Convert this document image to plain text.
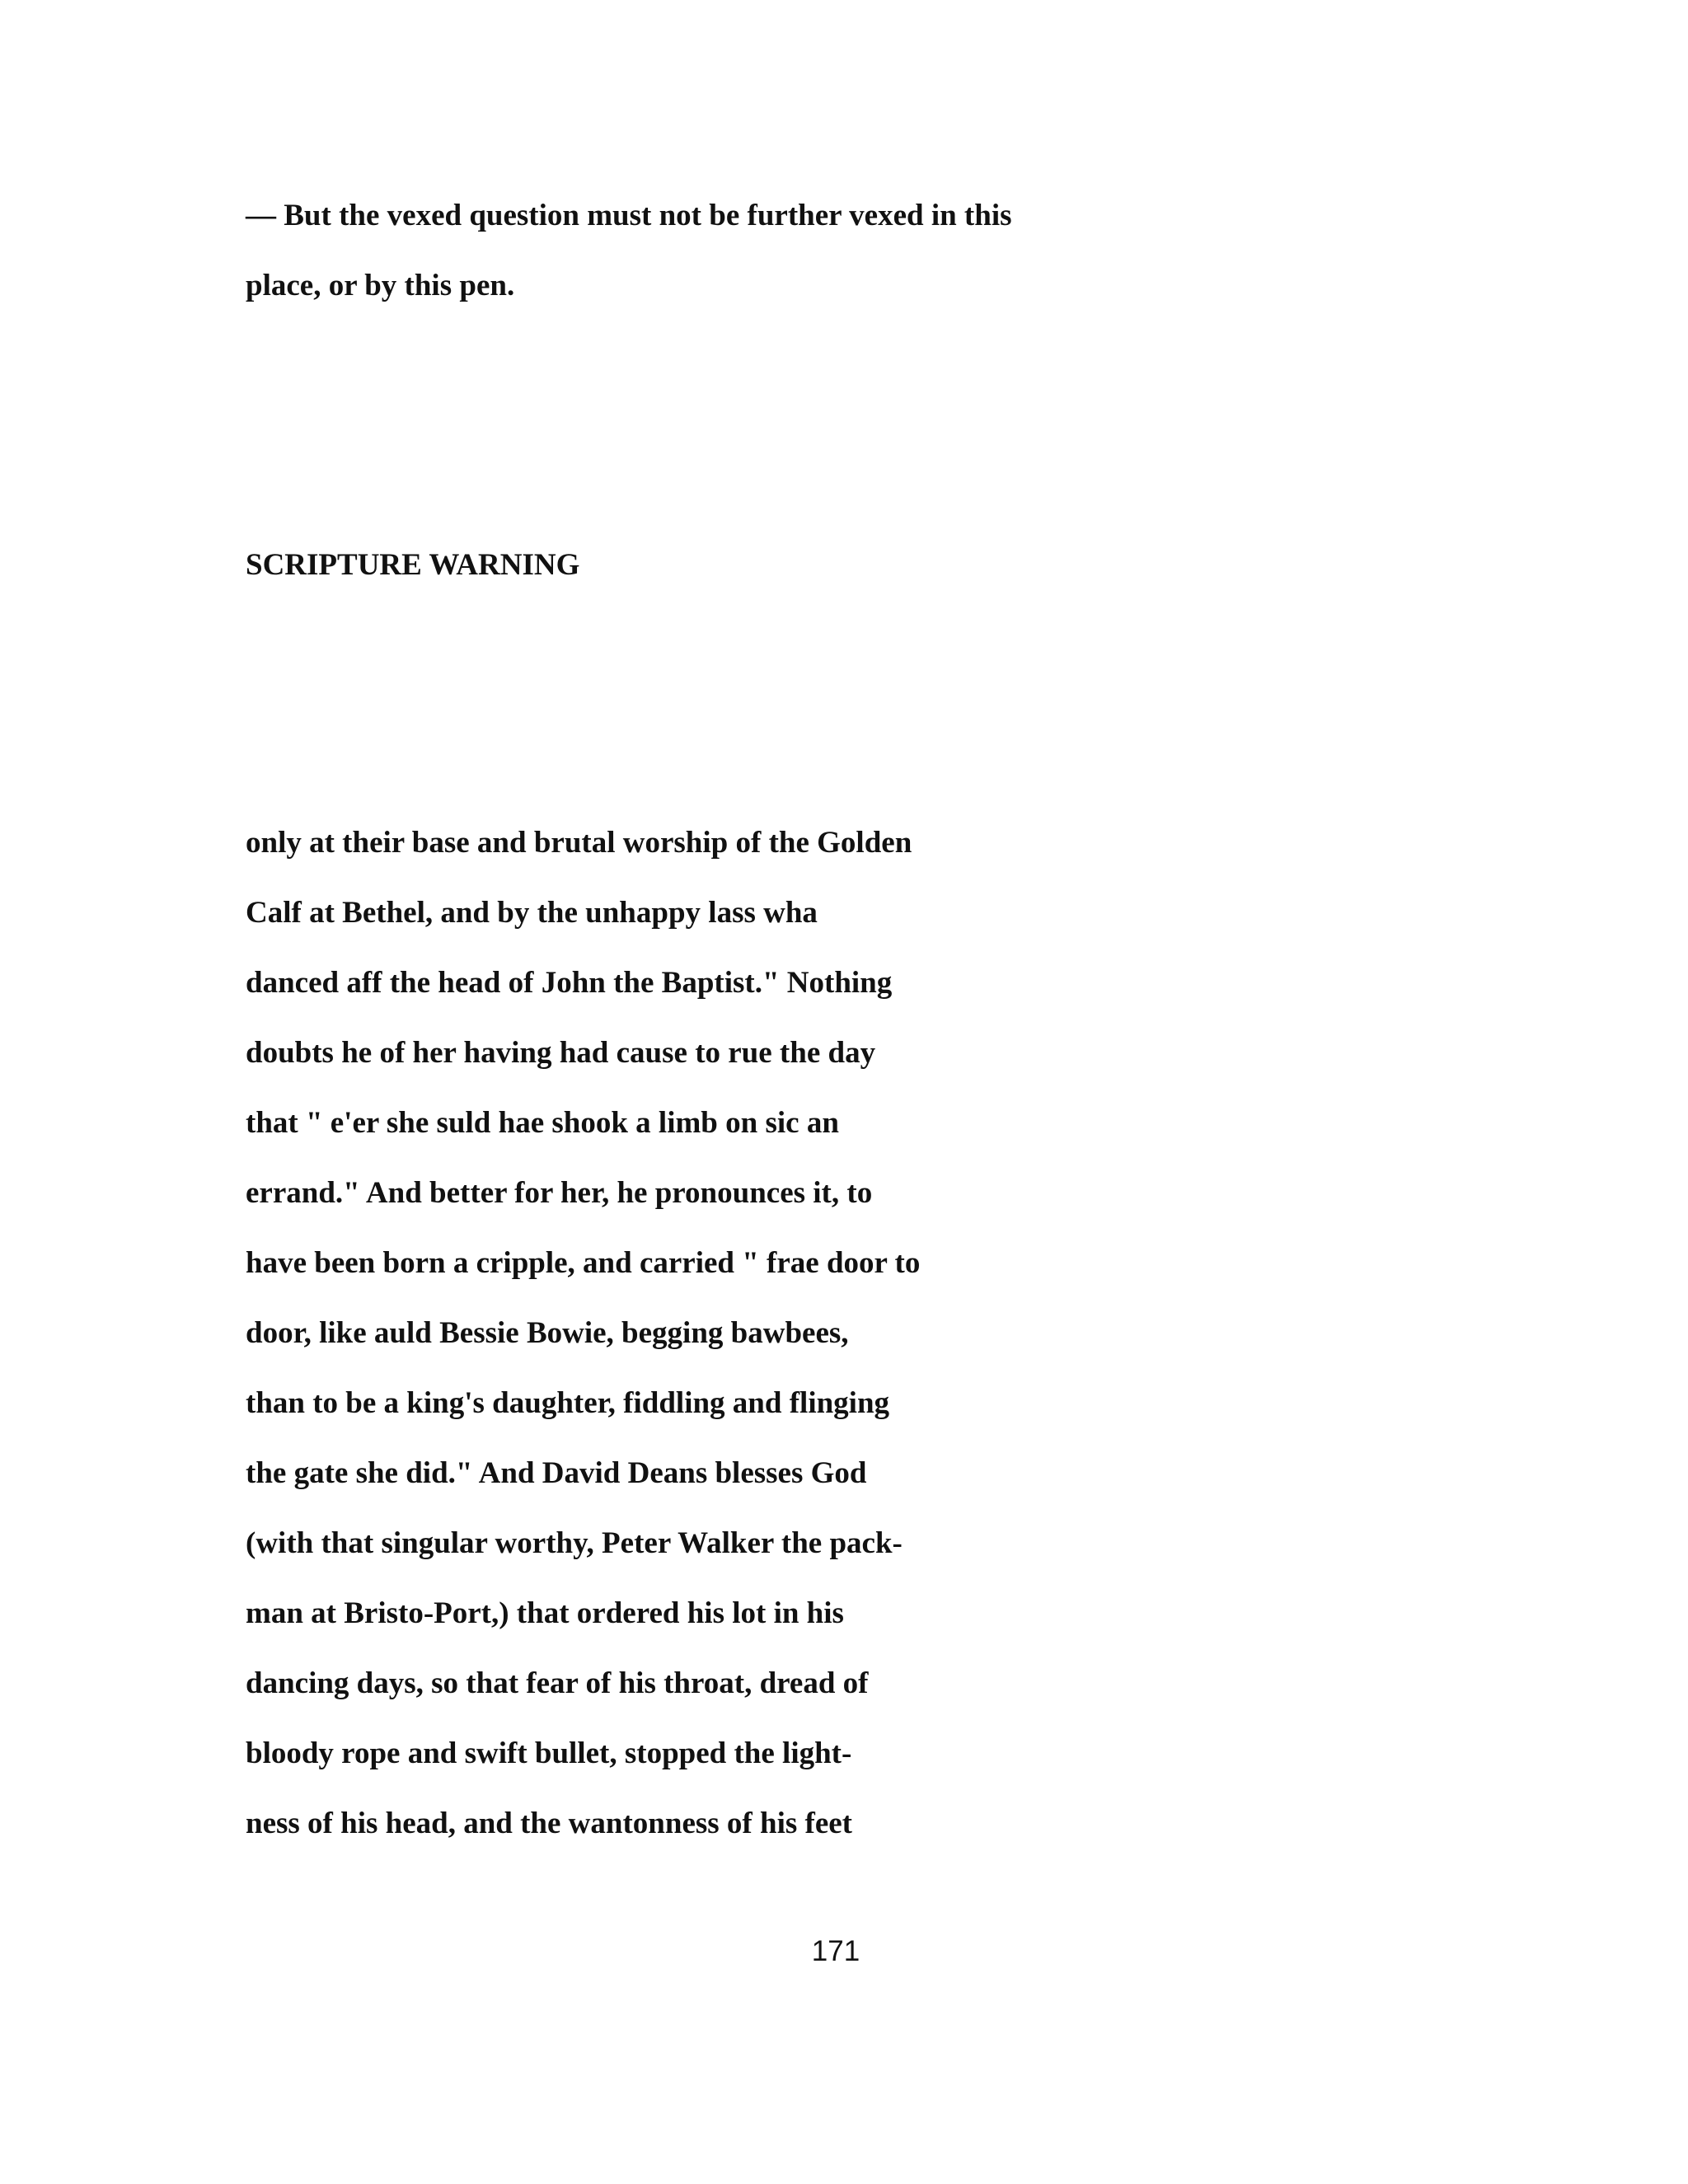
— But the vexed question must not be further vexed in this

place, or by this pen.

SCRIPTURE WARNING

only at their base and brutal worship of the Golden

Calf at Bethel, and by the unhappy lass wha

danced aff the head of John the Baptist." Nothing

doubts he of her having had cause to rue the day

that " e'er she suld hae shook a limb on sic an

errand." And better for her, he pronounces it, to

have been born a cripple, and carried " frae door to

door, like auld Bessie Bowie, begging bawbees,

than to be a king's daughter, fiddling and flinging

the gate she did." And David Deans blesses God

(with that singular worthy, Peter Walker the pack-

man at Bristo-Port,) that ordered his lot in his

dancing days, so that fear of his throat, dread of

bloody rope and swift bullet, stopped the light-

ness of his head, and the wantonness of his feet

171
